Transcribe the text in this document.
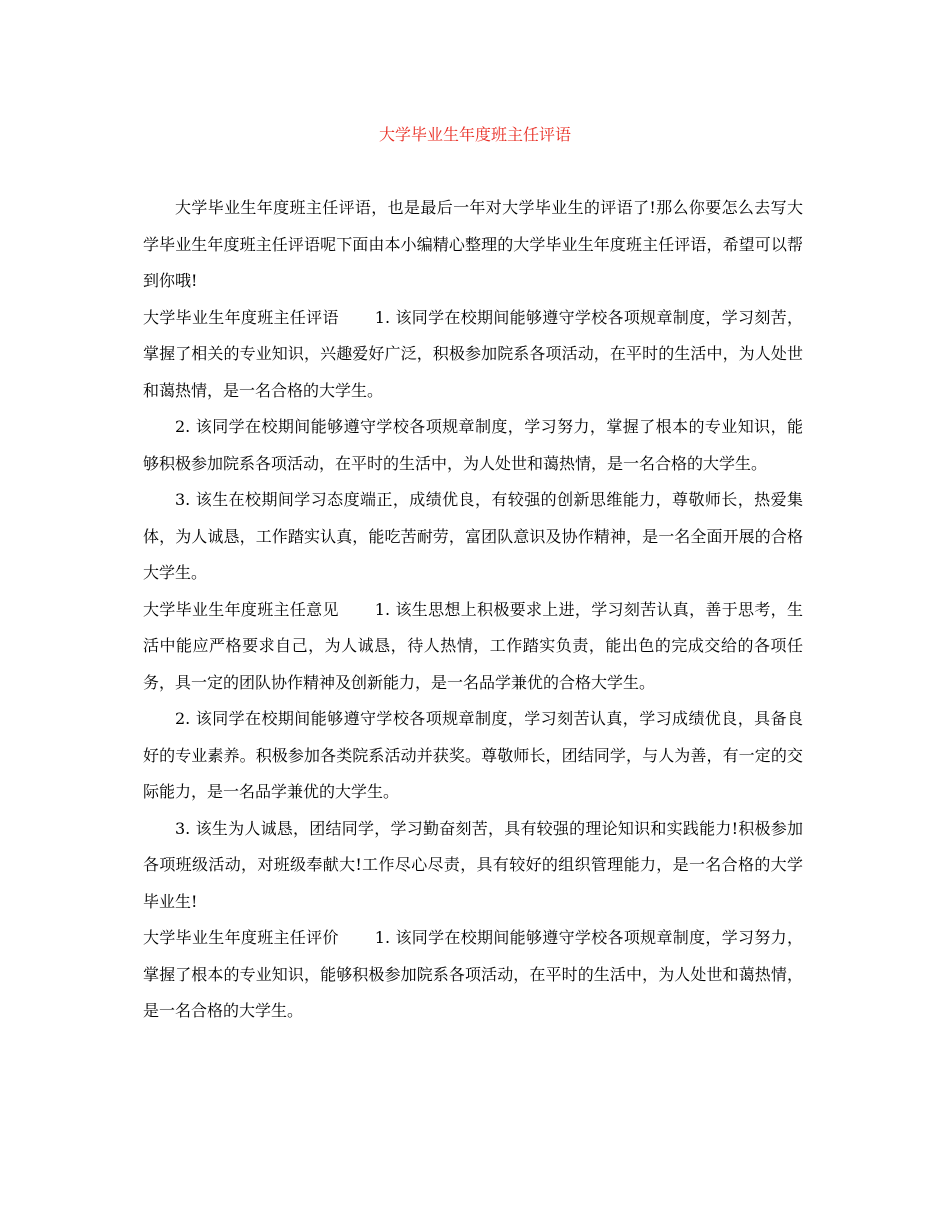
大学毕业生年度班主任评语

大学毕业生年度班主任评语，也是最后一年对大学毕业生的评语了!那么你要怎么去写大学毕业生年度班主任评语呢下面由本小编精心整理的大学毕业生年度班主任评语，希望可以帮到你哦!

大学毕业生年度班主任评语 1. 该同学在校期间能够遵守学校各项规章制度，学习刻苦，掌握了相关的专业知识，兴趣爱好广泛，积极参加院系各项活动，在平时的生活中，为人处世和蔼热情，是一名合格的大学生。

2. 该同学在校期间能够遵守学校各项规章制度，学习努力，掌握了根本的专业知识，能够积极参加院系各项活动，在平时的生活中，为人处世和蔼热情，是一名合格的大学生。

3. 该生在校期间学习态度端正，成绩优良，有较强的创新思维能力，尊敬师长，热爱集体，为人诚恳，工作踏实认真，能吃苦耐劳，富团队意识及协作精神，是一名全面开展的合格大学生。

大学毕业生年度班主任意见 1. 该生思想上积极要求上进，学习刻苦认真，善于思考，生活中能应严格要求自己，为人诚恳，待人热情，工作踏实负责，能出色的完成交给的各项任务，具一定的团队协作精神及创新能力，是一名品学兼优的合格大学生。

2. 该同学在校期间能够遵守学校各项规章制度，学习刻苦认真，学习成绩优良，具备良好的专业素养。积极参加各类院系活动并获奖。尊敬师长，团结同学，与人为善，有一定的交际能力，是一名品学兼优的大学生。

3. 该生为人诚恳，团结同学，学习勤奋刻苦，具有较强的理论知识和实践能力!积极参加各项班级活动，对班级奉献大!工作尽心尽责，具有较好的组织管理能力，是一名合格的大学毕业生!

大学毕业生年度班主任评价 1. 该同学在校期间能够遵守学校各项规章制度，学习努力，掌握了根本的专业知识，能够积极参加院系各项活动，在平时的生活中，为人处世和蔼热情，是一名合格的大学生。
